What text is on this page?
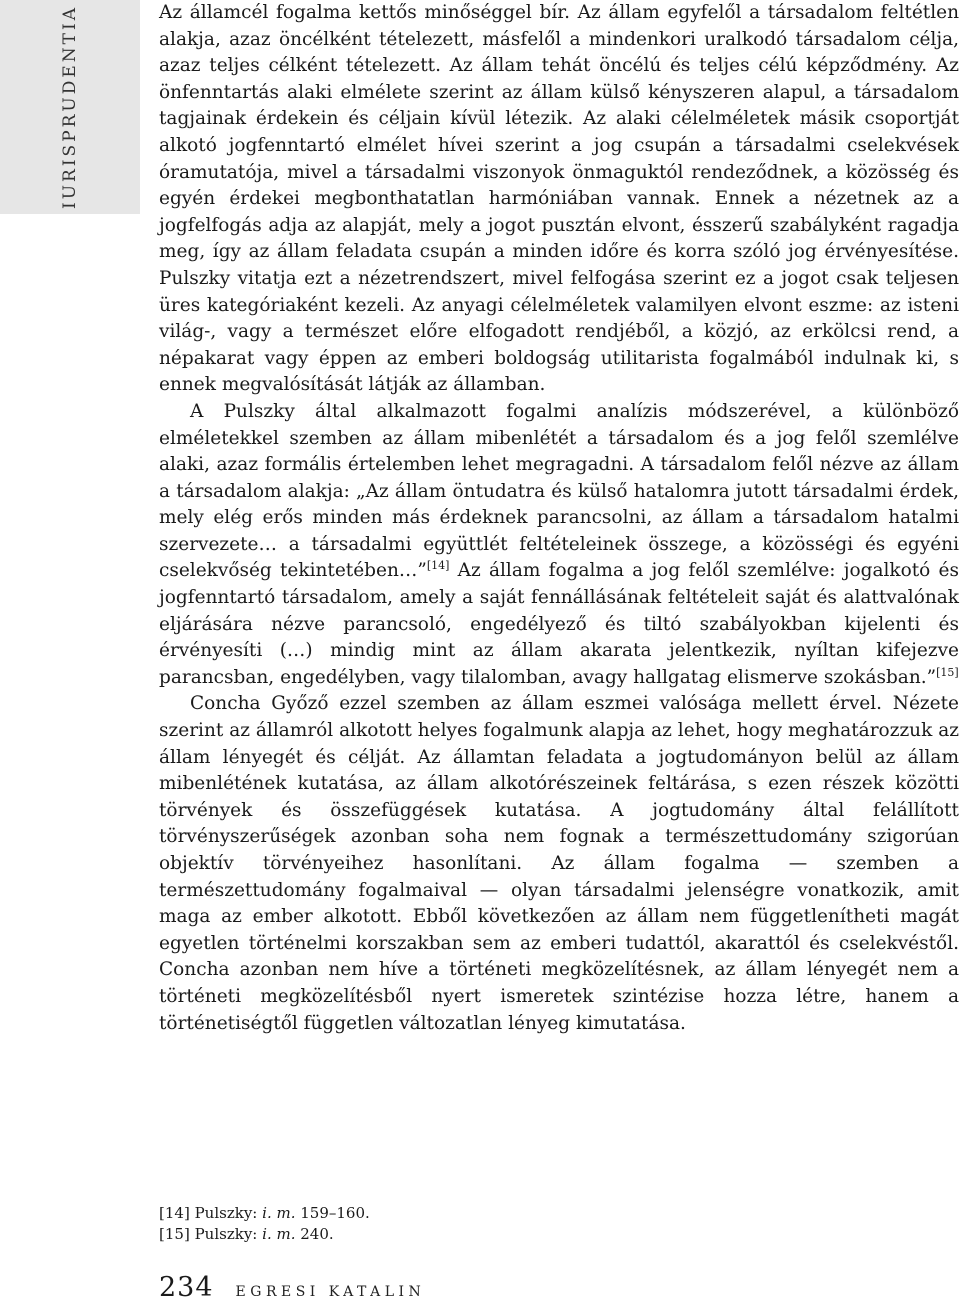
IURISPRUDENTIA	Az államcél fogalma kettős minőséggel bír. Az állam egyfelől a társadalom feltétlen alakja, azaz öncélként tételezett, másfelől a mindenkori uralkodó társadalom célja, azaz teljes célként tételezett. Az állam tehát öncélú és teljes célú képződmény. Az önfenntartás alaki elmélete szerint az állam külső kényszeren alapul, a társadalom tagjainak érdekein és céljain kívül létezik. Az alaki célelméletek másik csoportját alkotó jogfenntartó elmélet hívei szerint a jog csupán a társadalmi cselekvések óramutatója, mivel a társadalmi viszonyok önmaguktól rendeződnek, a közösség és egyén érdekei megbonthatatlan harmóniában vannak. Ennek a nézetnek az a jogfelfogás adja az alapját, mely a jogot pusztán elvont, ésszerű szabályként ragadja meg, így az állam feladata csupán a minden időre és korra szóló jog érvényesítése. Pulszky vitatja ezt a nézetrendszert, mivel felfogása szerint ez a jogot csak teljesen üres kategóriaként kezeli. Az anyagi célelméletek valamilyen elvont eszme: az isteni világ-, vagy a természet előre elfogadott rendjéből, a közjó, az erkölcsi rend, a népakarat vagy éppen az emberi boldogság utilitarista fogalmából indulnak ki, s ennek megvalósítását látják az államban.

A Pulszky által alkalmazott fogalmi analízis módszerével, a különböző elméletekkel szemben az állam mibenlétét a társadalom és a jog felől szemlélve alaki, azaz formális értelemben lehet megragadni. A társadalom felől nézve az állam a társadalom alakja: „Az állam öntudatra és külső hatalomra jutott társadalmi érdek, mely elég erős minden más érdeknek parancsolni, az állam a társadalom hatalmi szervezete… a társadalmi együttlét feltételeinek összege, a közösségi és egyéni cselekvőség tekintetében…”[14] Az állam fogalma a jog felől szemlélve: jogalkotó és jogfenntartó társadalom, amely a saját fennállásának feltételeit saját és alattvalónak eljárására nézve parancsoló, engedélyező és tiltó szabályokban kijelenti és érvényesíti (…) mindig mint az állam akarata jelentkezik, nyíltan kifejezve parancsban, engedélyben, vagy tilalomban, avagy hallgatag elismerve szokásban.”[15]

Concha Győző ezzel szemben az állam eszmei valósága mellett érvel. Nézete szerint az államról alkotott helyes fogalmunk alapja az lehet, hogy meghatározzuk az állam lényegét és célját. Az államtan feladata a jogtudományon belül az állam mibenlétének kutatása, az állam alkotórészeinek feltárása, s ezen részek közötti törvények és összefüggések kutatása. A jogtudomány által felállított törvényszerűségek azonban soha nem fognak a természettudomány szigorúan objektív törvényeihez hasonlítani. Az állam fogalma — szemben a természettudomány fogalmaival — olyan társadalmi jelenségre vonatkozik, amit maga az ember alkotott. Ebből következően az állam nem függetlenítheti magát egyetlen történelmi korszakban sem az emberi tudattól, akarattól és cselekvéstől. Concha azonban nem híve a történeti megközelítésnek, az állam lényegét nem a történeti megközelítésből nyert ismeretek szintézise hozza létre, hanem a történetiségtől független változatlan lényeg kimutatása.

[14] Pulszky: i. m. 159–160.
[15] Pulszky: i. m. 240.
234 EGRESI KATALIN
